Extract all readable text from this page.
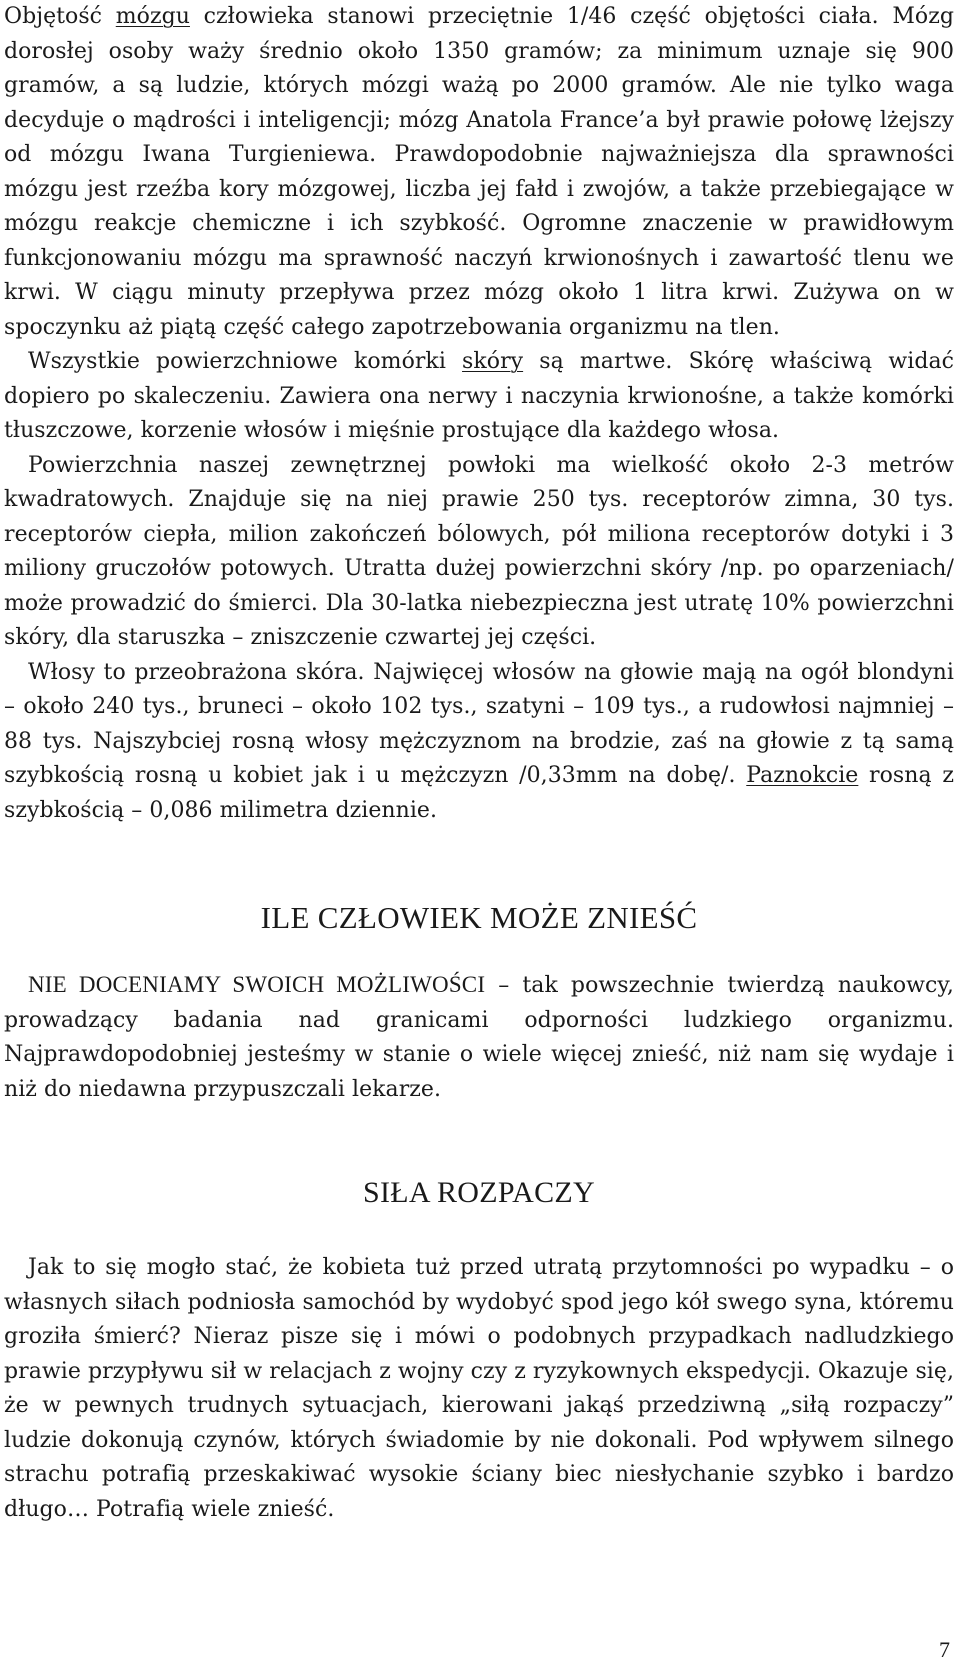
Objętość mózgu człowieka stanowi przeciętnie 1/46 część objętości ciała. Mózg dorosłej osoby waży średnio około 1350 gramów; za minimum uznaje się 900 gramów, a są ludzie, których mózgi ważą po 2000 gramów. Ale nie tylko waga decyduje o mądrości i inteligencji; mózg Anatola France’a był prawie połowę lżejszy od mózgu Iwana Turgieniewa. Prawdopodobnie najważniejsza dla sprawności mózgu jest rzeźba kory mózgowej, liczba jej fałd i zwojów, a także przebiegające w mózgu reakcje chemiczne i ich szybkość. Ogromne znaczenie w prawidłowym funkcjonowaniu mózgu ma sprawność naczyń krwionośnych i zawartość tlenu we krwi. W ciągu minuty przepływa przez mózg około 1 litra krwi. Zużywa on w spoczynku aż piątą część całego zapotrzebowania organizmu na tlen.

Wszystkie powierzchniowe komórki skóry są martwe. Skórę właściwą widać dopiero po skaleczeniu. Zawiera ona nerwy i naczynia krwionośne, a także komórki tłuszczowe, korzenie włosów i mięśnie prostujące dla każdego włosa.

Powierzchnia naszej zewnętrznej powłoki ma wielkość około 2-3 metrów kwadratowych. Znajduje się na niej prawie 250 tys. receptorów zimna, 30 tys. receptorów ciepła, milion zakończeń bólowych, pół miliona receptorów dotyki i 3 miliony gruczołów potowych. Utratta dużej powierzchni skóry /np. po oparzeniach/ może prowadzić do śmierci. Dla 30-latka niebezpieczna jest utratę 10% powierzchni skóry, dla staruszka – zniszczenie czwartej jej części.

Włosy to przeobrażona skóra. Najwięcej włosów na głowie mają na ogół blondyni – około 240 tys., bruneci – około 102 tys., szatyni – 109 tys., a rudowłosi najmniej – 88 tys. Najszybciej rosną włosy mężczyznom na brodzie, zaś na głowie z tą samą szybkością rosną u kobiet jak i u mężczyzn /0,33mm na dobę/. Paznokcie rosną z szybkością – 0,086 milimetra dziennie.

ILE CZŁOWIEK MOŻE ZNIEŚĆ

NIE DOCENIAMY SWOICH MOŻLIWOŚCI – tak powszechnie twierdzą naukowcy, prowadzący badania nad granicami odporności ludzkiego organizmu. Najprawdopodobniej jesteśmy w stanie o wiele więcej znieść, niż nam się wydaje i niż do niedawna przypuszczali lekarze.

SIŁA ROZPACZY

Jak to się mogło stać, że kobieta tuż przed utratą przytomności po wypadku – o własnych siłach podniosła samochód by wydobyć spod jego kół swego syna, któremu groziła śmierć? Nieraz pisze się i mówi o podobnych przypadkach nadludzkiego prawie przypływu sił w relacjach z wojny czy z ryzykownych ekspedycji. Okazuje się, że w pewnych trudnych sytuacjach, kierowani jakąś przedziwną „siłą rozpaczy” ludzie dokonują czynów, których świadomie by nie dokonali. Pod wpływem silnego strachu potrafią przeskakiwać wysokie ściany biec niesłychanie szybko i bardzo długo… Potrafią wiele znieść.

7
